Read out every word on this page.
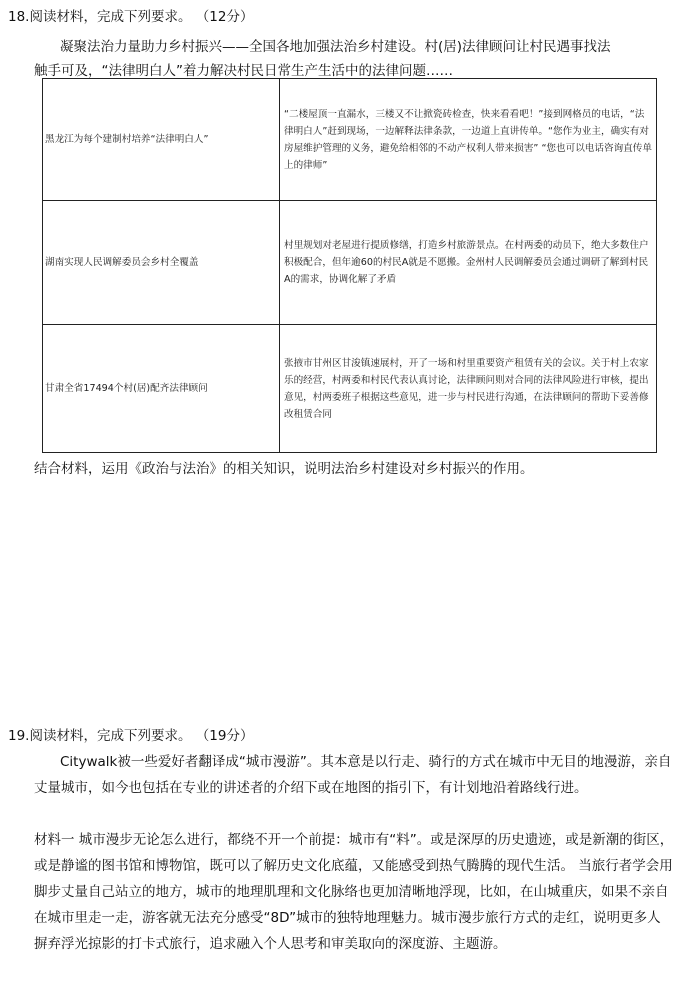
18.阅读材料，完成下列要求。 （12分）
凝聚法治力量助力乡村振兴——全国各地加强法治乡村建设。村(居)法律顾问让村民遇事找法
触手可及，“法律明白人”着力解决村民日常生产生活中的法律问题……
黑龙江为每个建制村培养“法律明白人”	“二楼屋顶一直漏水，三楼又不让掀瓷砖检查，快来看看吧！”接到网格员的电话，“法律明白人”赶到现场，一边解释法律条款，一边道上直讲传单。“您作为业主，确实有对房屋维护管理的义务，避免给相邻的不动产权利人带来损害” “您也可以电话咨询直传单上的律师”
湖南实现人民调解委员会乡村全覆盖	村里规划对老屋进行提质修缮，打造乡村旅游景点。在村两委的动员下，绝大多数住户积极配合，但年逾60的村民A就是不愿搬。金州村人民调解委员会通过调研了解到村民A的需求，协调化解了矛盾
甘肃全省17494个村(居)配齐法律顾问	张掖市甘州区甘浚镇速展村，开了一场和村里重要资产租赁有关的会议。关于村上农家乐的经营，村两委和村民代表认真讨论，法律顾问则对合同的法律风险进行审核，提出意见，村两委班子根据这些意见，进一步与村民进行沟通，在法律顾问的帮助下妥善修改租赁合同
结合材料，运用《政治与法治》的相关知识，说明法治乡村建设对乡村振兴的作用。
19.阅读材料，完成下列要求。 （19分）
Citywalk被一些爱好者翻译成“城市漫游”。其本意是以行走、骑行的方式在城市中无目的地漫游，亲自丈量城市，如今也包括在专业的讲述者的介绍下或在地图的指引下，有计划地沿着路线行进。
材料一 城市漫步无论怎么进行，都绕不开一个前提：城市有“料”。或是深厚的历史遗迹，或是新潮的街区，或是静谧的图书馆和博物馆，既可以了解历史文化底蕴，又能感受到热气腾腾的现代生活。 当旅行者学会用脚步丈量自己站立的地方，城市的地理肌理和文化脉络也更加清晰地浮现，比如，在山城重庆，如果不亲自在城市里走一走，游客就无法充分感受“8D”城市的独特地理魅力。城市漫步旅行方式的走红，说明更多人摒弃浮光掠影的打卡式旅行，追求融入个人思考和审美取向的深度游、主题游。
